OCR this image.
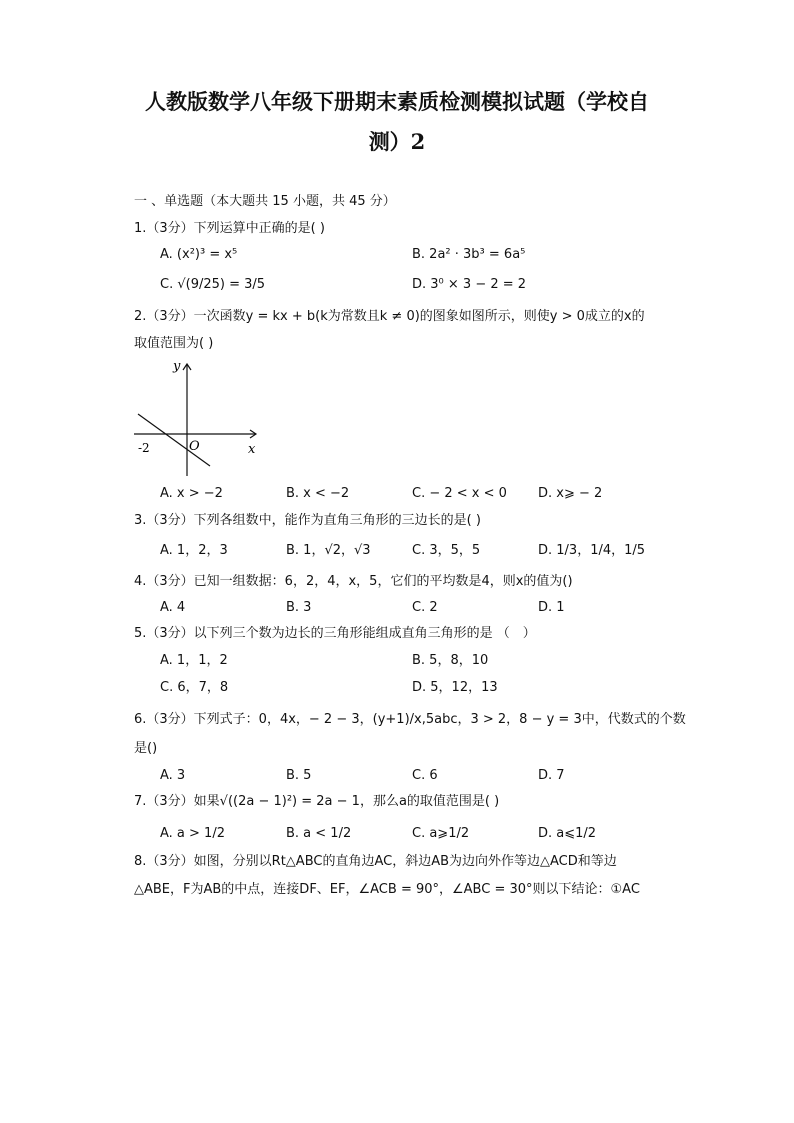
人教版数学八年级下册期末素质检测模拟试题（学校自
测）2
一 、单选题（本大题共 15 小题，共 45 分）
1.（3分）下列运算中正确的是( )
A. (x²)³ = x⁵	B. 2a² · 3b³ = 6a⁵
C. √(9/25) = 3/5	D. 3⁰ × 3 − 2 = 2
2.（3分）一次函数y = kx + b(k为常数且k ≠ 0)的图象如图所示，则使y > 0成立的x的
取值范围为( )
y
x
O
-2
A. x > −2	B. x < −2	C. − 2 < x < 0 D. x⩾ − 2
3.（3分）下列各组数中，能作为直角三角形的三边长的是( )
A. 1，2，3	B. 1，√2，√3	C. 3，5，5	D. 1/3，1/4，1/5
4.（3分）已知一组数据：6，2，4，x，5，它们的平均数是4，则x的值为()
A. 4	B. 3	C. 2	D. 1
5.（3分）以下列三个数为边长的三角形能组成直角三角形的是 （　）
A. 1，1，2	B. 5，8，10
C. 6，7，8	D. 5，12，13
6.（3分）下列式子：0，4x，− 2 − 3，(y+1)/x,5abc，3 > 2，8 − y = 3中，代数式的个数
是()
A. 3	B. 5	C. 6	D. 7
7.（3分）如果√((2a − 1)²) = 2a − 1，那么a的取值范围是( )
A. a > 1/2	B. a < 1/2	C. a⩾1/2	D. a⩽1/2
8.（3分）如图，分别以Rt△ABC的直角边AC，斜边AB为边向外作等边△ACD和等边
△ABE，F为AB的中点，连接DF、EF，∠ACB = 90°，∠ABC = 30°则以下结论：①AC
